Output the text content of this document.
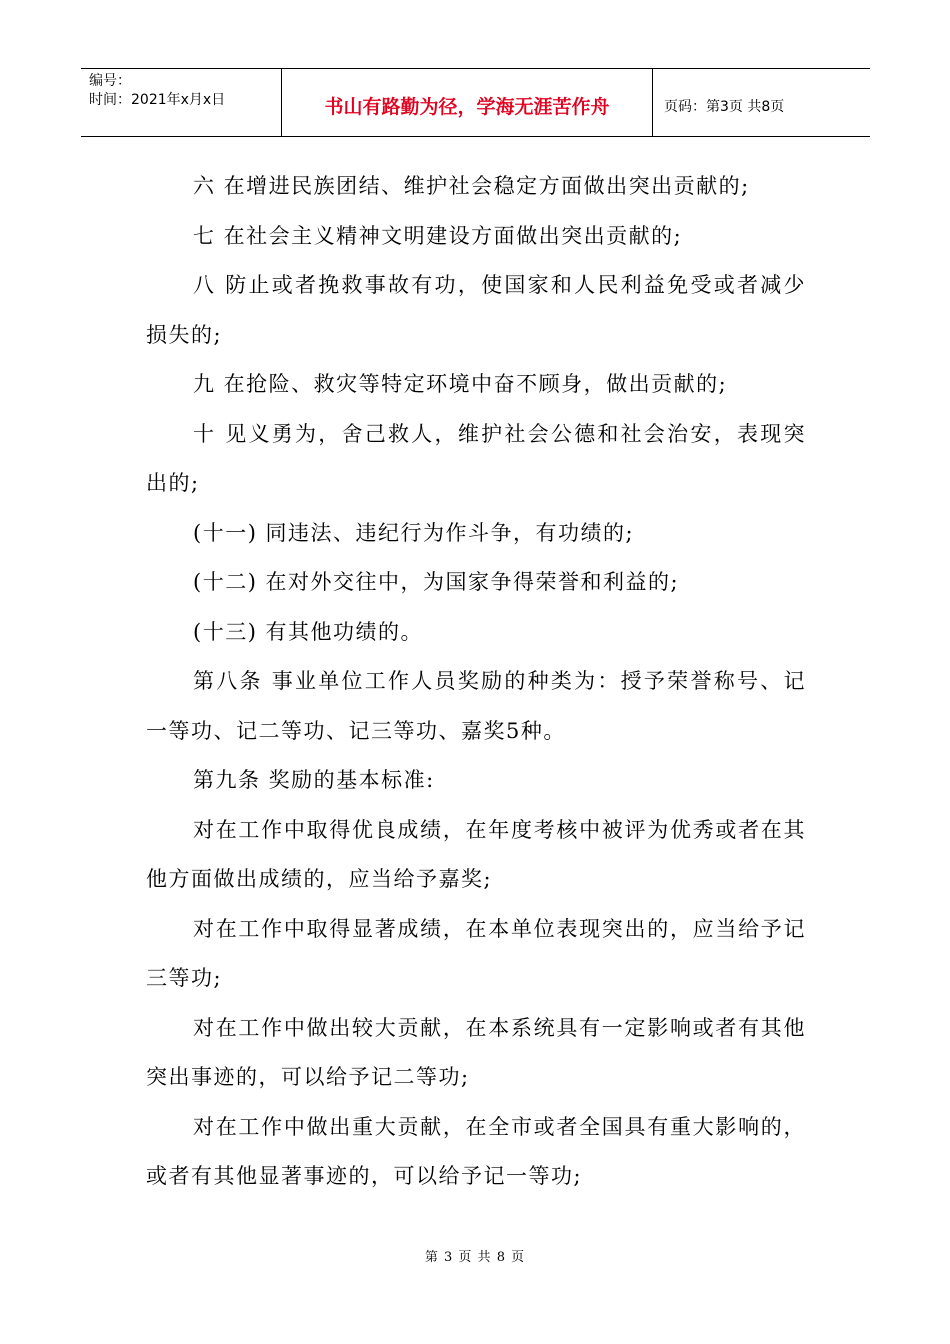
编号：
时间：2021年x月x日	书山有路勤为径，学海无涯苦作舟	页码：第3页 共8页

六 在增进民族团结、维护社会稳定方面做出突出贡献的;

七 在社会主义精神文明建设方面做出突出贡献的;

八 防止或者挽救事故有功，使国家和人民利益免受或者减少损失的;

九 在抢险、救灾等特定环境中奋不顾身，做出贡献的;

十 见义勇为，舍己救人，维护社会公德和社会治安，表现突出的;

(十一) 同违法、违纪行为作斗争，有功绩的;

(十二) 在对外交往中，为国家争得荣誉和利益的;

(十三) 有其他功绩的。

第八条 事业单位工作人员奖励的种类为：授予荣誉称号、记一等功、记二等功、记三等功、嘉奖5种。

第九条 奖励的基本标准:

对在工作中取得优良成绩，在年度考核中被评为优秀或者在其他方面做出成绩的，应当给予嘉奖;

对在工作中取得显著成绩，在本单位表现突出的，应当给予记三等功;

对在工作中做出较大贡献，在本系统具有一定影响或者有其他突出事迹的，可以给予记二等功;

对在工作中做出重大贡献，在全市或者全国具有重大影响的，或者有其他显著事迹的，可以给予记一等功;

第 3 页 共 8 页
